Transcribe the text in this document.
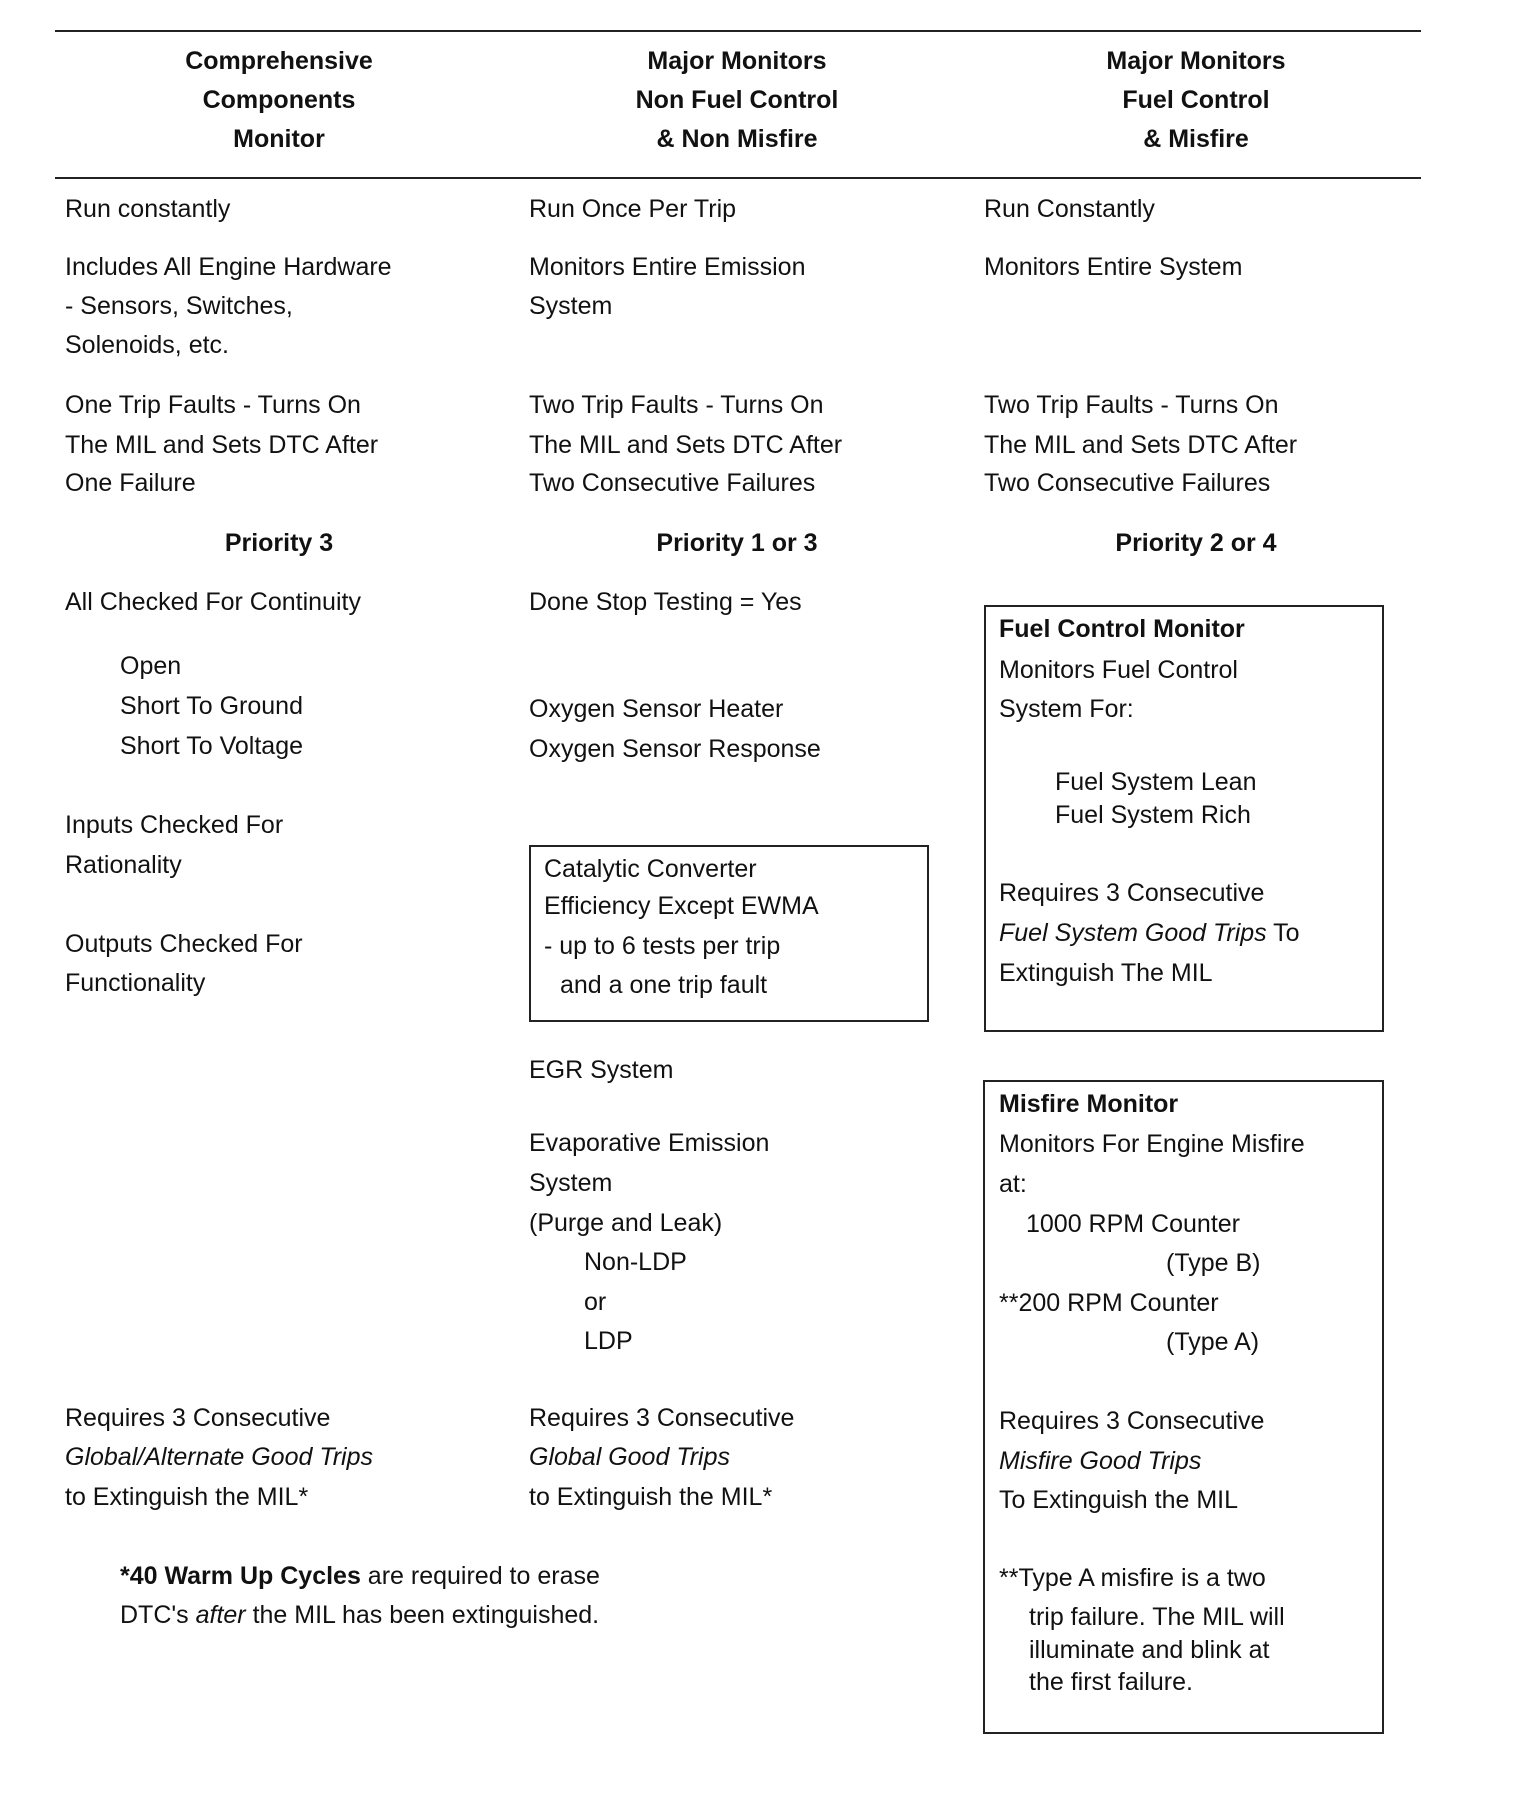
Comprehensive
Components
Monitor
Major Monitors
Non Fuel Control
& Non Misfire
Major Monitors
Fuel Control
& Misfire
Run constantly
Includes All Engine Hardware
- Sensors, Switches,
Solenoids, etc.
One Trip Faults - Turns On
The MIL and Sets DTC After
One Failure
Priority 3
All Checked For Continuity
Open
Short To Ground
Short To Voltage
Inputs Checked For
Rationality
Outputs Checked For
Functionality
Requires 3 Consecutive
Global/Alternate Good Trips
to Extinguish the MIL*
*40 Warm Up Cycles are required to erase
DTC's after the MIL has been extinguished.
Run Once Per Trip
Monitors Entire Emission
System
Two Trip Faults - Turns On
The MIL and Sets DTC After
Two Consecutive Failures
Priority 1 or 3
Done Stop Testing = Yes
Oxygen Sensor Heater
Oxygen Sensor Response
Catalytic Converter
Efficiency Except EWMA
- up to 6 tests per trip
and a one trip fault
EGR System
Evaporative Emission
System
(Purge and Leak)
Non-LDP
or
LDP
Requires 3 Consecutive
Global Good Trips
to Extinguish the MIL*
Run Constantly
Monitors Entire System
Two Trip Faults - Turns On
The MIL and Sets DTC After
Two Consecutive Failures
Priority 2 or 4
Fuel Control Monitor
Monitors Fuel Control
System For:
Fuel System Lean
Fuel System Rich
Requires 3 Consecutive
Fuel System Good Trips To
Extinguish The MIL
Misfire Monitor
Monitors For Engine Misfire
at:
1000 RPM Counter
(Type B)
**200 RPM Counter
(Type A)
Requires 3 Consecutive
Misfire Good Trips
To Extinguish the MIL
**Type A misfire is a two
trip failure. The MIL will
illuminate and blink at
the first failure.
